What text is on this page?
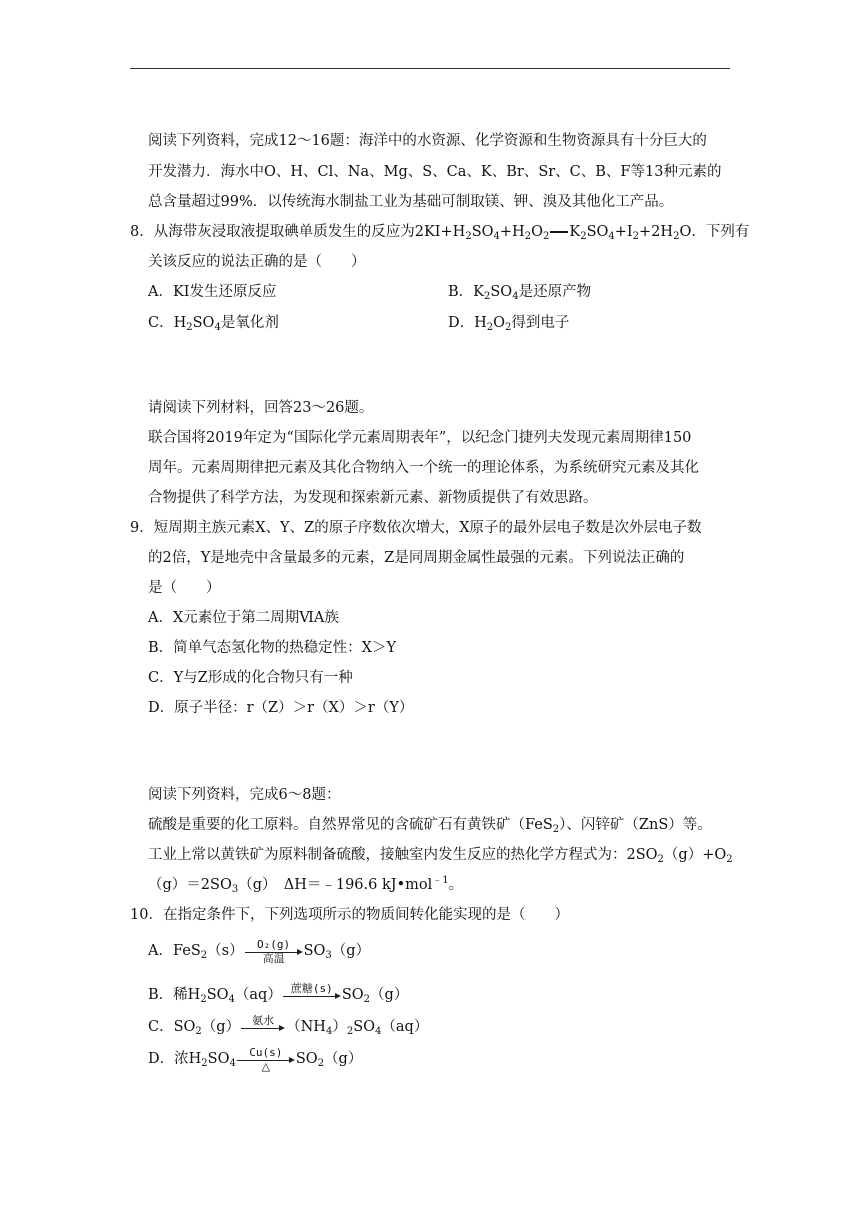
阅读下列资料，完成12～16题：海洋中的水资源、化学资源和生物资源具有十分巨大的
开发潜力．海水中O、H、Cl、Na、Mg、S、Ca、K、Br、Sr、C、B、F等13种元素的
总含量超过99%．以传统海水制盐工业为基础可制取镁、钾、溴及其他化工产品。
8．从海带灰浸取液提取碘单质发生的反应为$2KI+H_2SO_4+H_2O_2$ $K_2SO_4+I_2+2H_2O$．下列有
关该反应的说法正确的是（　　）
A．KI发生还原反应	B．$K_2SO_4$是还原产物
C．$H_2SO_4$是氧化剂	D．$H_2O_2$得到电子
请阅读下列材料，回答23～26题。
联合国将2019年定为“国际化学元素周期表年”，以纪念门捷列夫发现元素周期律150
周年。元素周期律把元素及其化合物纳入一个统一的理论体系，为系统研究元素及其化
合物提供了科学方法，为发现和探索新元素、新物质提供了有效思路。
9．短周期主族元素X、Y、Z的原子序数依次增大，X原子的最外层电子数是次外层电子数
的2倍，Y是地壳中含量最多的元素，Z是同周期金属性最强的元素。下列说法正确的
是（　　）
A．X元素位于第二周期ⅥA族
B．简单气态氢化物的热稳定性：X＞Y
C．Y与Z形成的化合物只有一种
D．原子半径：r（Z）＞r（X）＞r（Y）
阅读下列资料，完成6～8题：
硫酸是重要的化工原料。自然界常见的含硫矿石有黄铁矿（FeS$_2$）、闪锌矿（ZnS）等。
工业上常以黄铁矿为原料制备硫酸，接触室内发生反应的热化学方程式为：$2SO_2(g)+O_2$
$(g)=2SO_3(g)$　ΔH＝﹣196.6 kJ•mol$^{﹣1}$。
10．在指定条件下，下列选项所示的物质间转化能实现的是（　　）
A．FeS$_2$（s）	O₂(g)
高温	$SO_3(g)$
B．稀$H_2SO_4(aq)$ 蔗糖(s) $SO_2(g)$
C．$SO_2(g)$	氨水 $(NH_4)_2SO_4(aq)$
D．浓$H_2SO_4$
Cu(s)
△	$SO_2(g)$
